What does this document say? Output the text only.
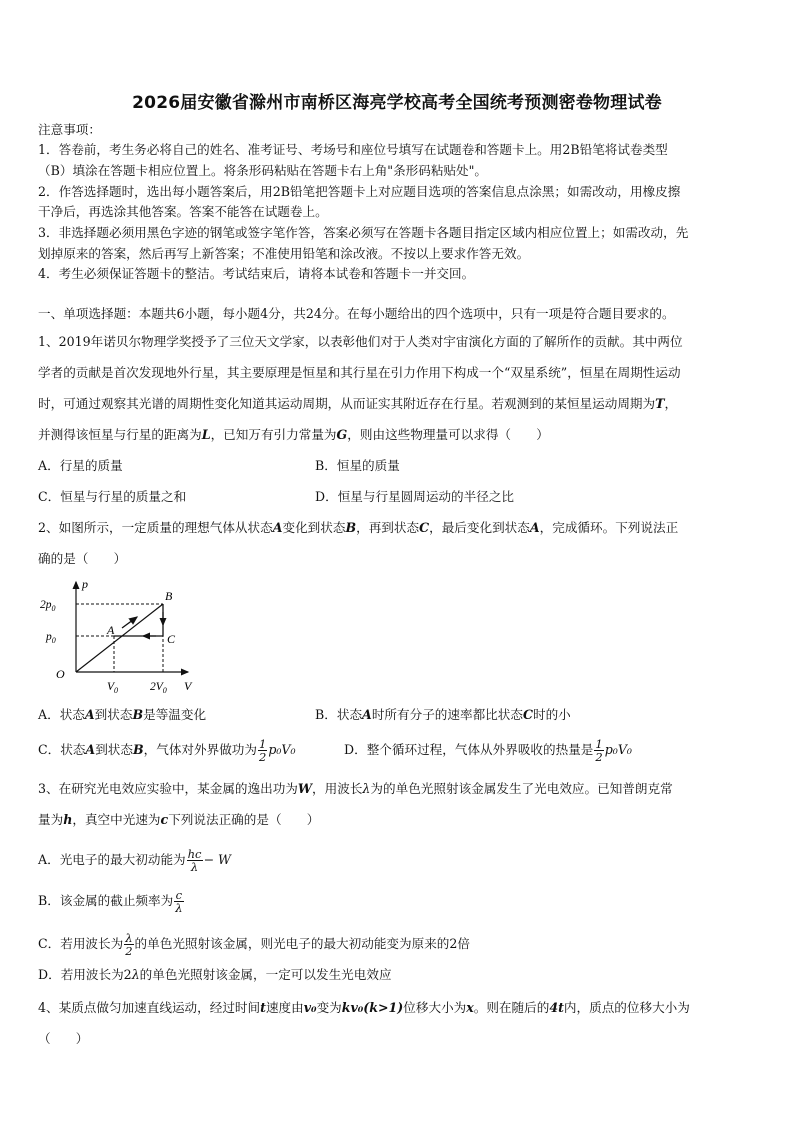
2026届安徽省滁州市南桥区海亮学校高考全国统考预测密卷物理试卷
注意事项：
1．答卷前，考生务必将自己的姓名、准考证号、考场号和座位号填写在试题卷和答题卡上。用2B铅笔将试卷类型
（B）填涂在答题卡相应位置上。将条形码粘贴在答题卡右上角"条形码粘贴处"。
2．作答选择题时，选出每小题答案后，用2B铅笔把答题卡上对应题目选项的答案信息点涂黑；如需改动，用橡皮擦
干净后，再选涂其他答案。答案不能答在试题卷上。
3．非选择题必须用黑色字迹的钢笔或签字笔作答，答案必须写在答题卡各题目指定区域内相应位置上；如需改动，先
划掉原来的答案，然后再写上新答案；不准使用铅笔和涂改液。不按以上要求作答无效。
4．考生必须保证答题卡的整洁。考试结束后，请将本试卷和答题卡一并交回。
一、单项选择题：本题共6小题，每小题4分，共24分。在每小题给出的四个选项中，只有一项是符合题目要求的。
1、2019年诺贝尔物理学奖授予了三位天文学家，以表彰他们对于人类对宇宙演化方面的了解所作的贡献。其中两位
学者的贡献是首次发现地外行星，其主要原理是恒星和其行星在引力作用下构成一个“双星系统”，恒星在周期性运动
时，可通过观察其光谱的周期性变化知道其运动周期，从而证实其附近存在行星。若观测到的某恒星运动周期为T，
并测得该恒星与行星的距离为L，已知万有引力常量为G，则由这些物理量可以求得（　　）
A．行星的质量	B．恒星的质量
C．恒星与行星的质量之和	D．恒星与行星圆周运动的半径之比
2、如图所示，一定质量的理想气体从状态A变化到状态B，再到状态C，最后变化到状态A，完成循环。下列说法正
确的是（　　）
p
V
O
$2p_0$
$p_0$
$V_0$	$2V_0$
A
B
C
A．状态A到状态B是等温变化	B．状态A时所有分子的速率都比状态C时的小
C．状态A到状态B，气体对外界做功为 $\frac{1}{2} p_0V_0$	D．整个循环过程，气体从外界吸收的热量是 $\frac{1}{2} p_0V_0$
3、在研究光电效应实验中，某金属的逸出功为W，用波长λ为的单色光照射该金属发生了光电效应。已知普朗克常
量为h，真空中光速为c下列说法正确的是（　　）
A．光电子的最大初动能为 $\frac{hc}{\lambda} - W$
B．该金属的截止频率为 $\frac{c}{\lambda}$
C．若用波长为 $\frac{\lambda}{2}$ 的单色光照射该金属，则光电子的最大初动能变为原来的2倍
D．若用波长为2λ的单色光照射该金属，一定可以发生光电效应
4、某质点做匀加速直线运动，经过时间t速度由v₀变为kv₀(k>1)位移大小为x。则在随后的4t内，质点的位移大小为
（　　）
